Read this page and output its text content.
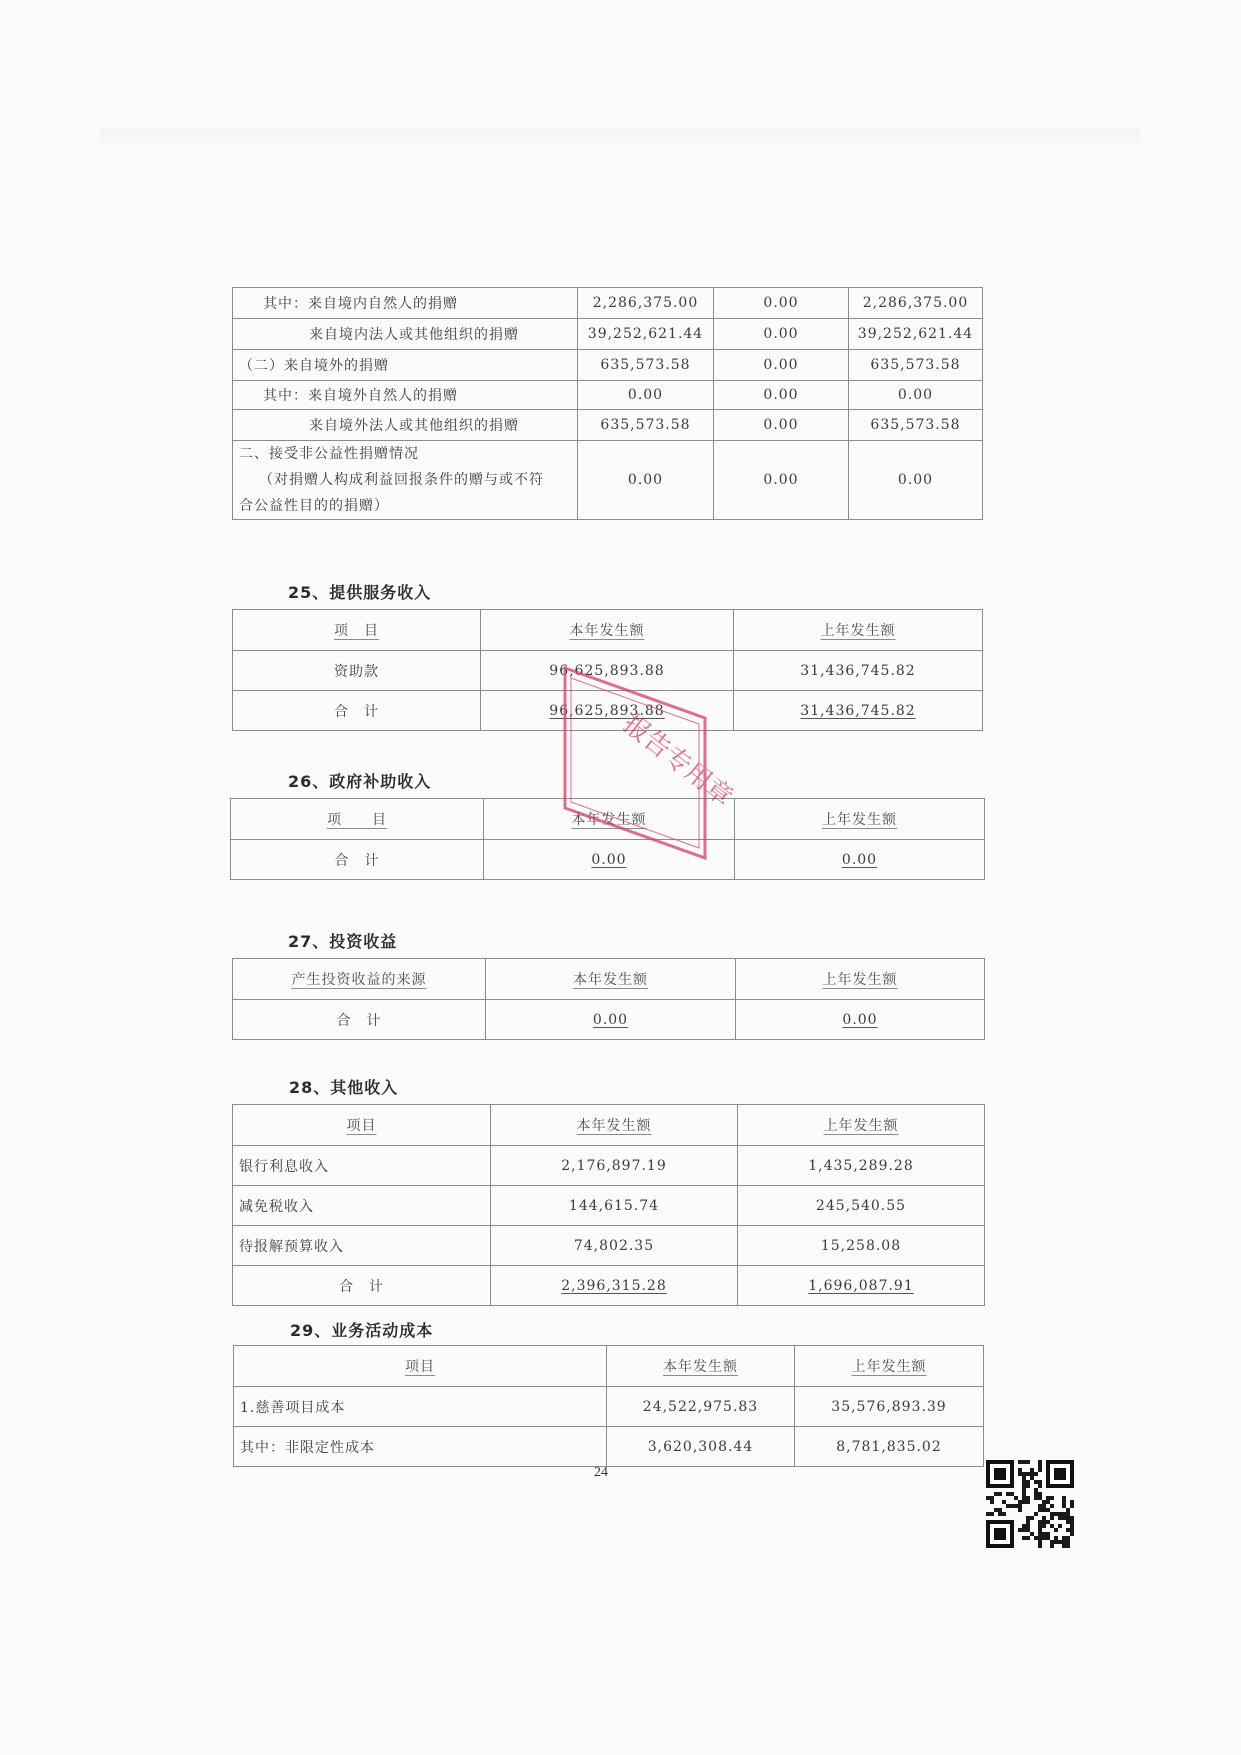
其中：来自境内自然人的捐赠	2,286,375.00	0.00	2,286,375.00
来自境内法人或其他组织的捐赠	39,252,621.44	0.00	39,252,621.44
（二）来自境外的捐赠	635,573.58	0.00	635,573.58
其中：来自境外自然人的捐赠	0.00	0.00	0.00
来自境外法人或其他组织的捐赠	635,573.58	0.00	635,573.58

二、接受非公益性捐赠情况
（对捐赠人构成利益回报条件的赠与或不符
合公益性目的的捐赠）	0.00	0.00	0.00
25、提供服务收入
项　目	本年发生额	上年发生额
资助款	96,625,893.88	31,436,745.82
合　计	96,625,893.88	31,436,745.82
26、政府补助收入
项　　目	本年发生额	上年发生额
合　计	0.00	0.00
27、投资收益
产生投资收益的来源	本年发生额	上年发生额
合　计	0.00	0.00
28、其他收入
项目	本年发生额	上年发生额
银行利息收入	2,176,897.19	1,435,289.28
减免税收入	144,615.74	245,540.55
待报解预算收入	74,802.35	15,258.08
合　计	2,396,315.28	1,696,087.91
29、业务活动成本
项目	本年发生额	上年发生额
1.慈善项目成本	24,522,975.83	35,576,893.39
其中：非限定性成本	3,620,308.44	8,781,835.02
24
报告专用章
